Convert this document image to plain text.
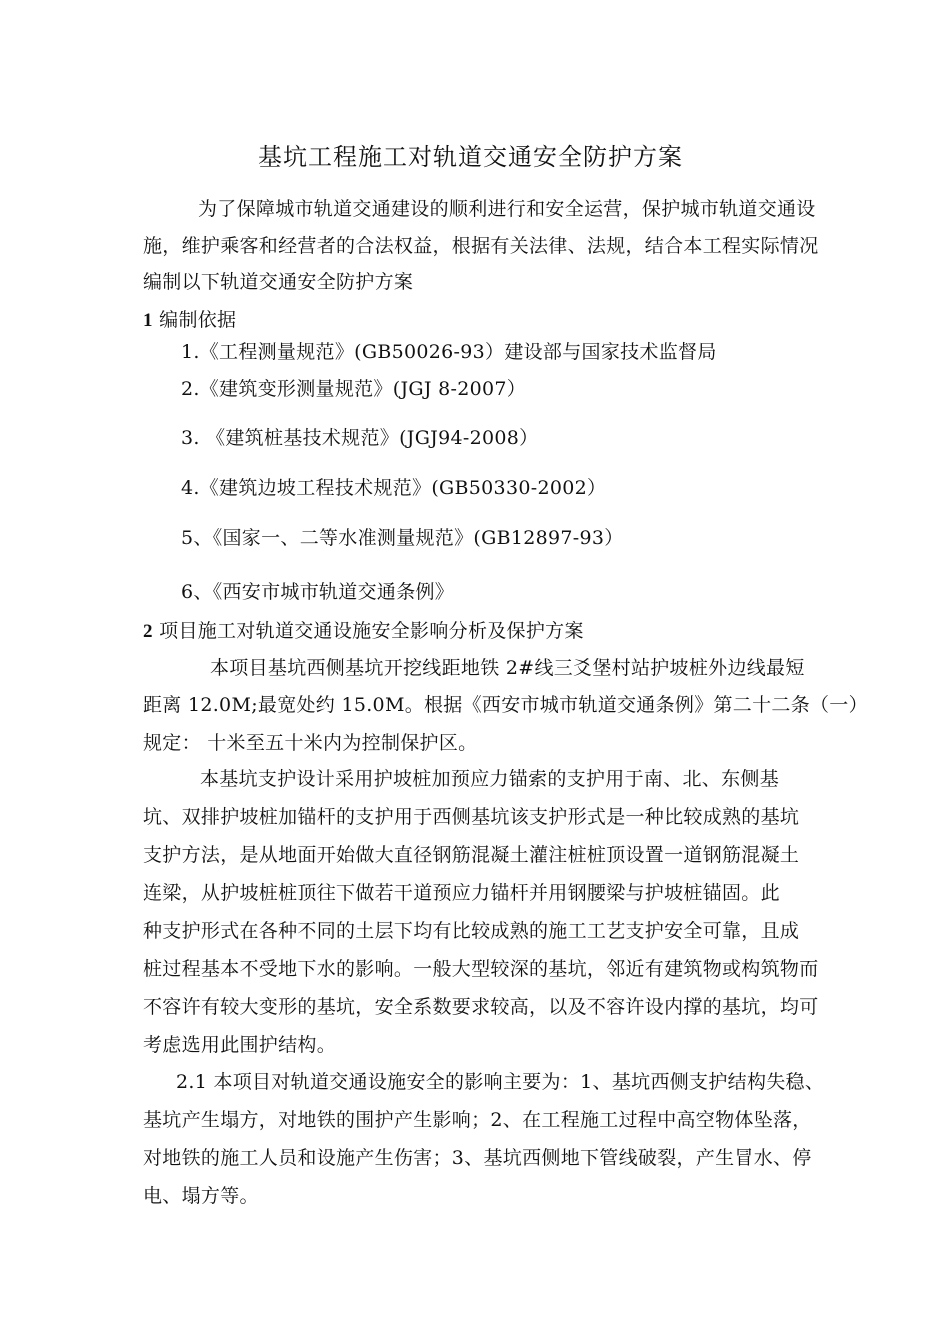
基坑工程施工对轨道交通安全防护方案
为了保障城市轨道交通建设的顺利进行和安全运营，保护城市轨道交通设
施，维护乘客和经营者的合法权益，根据有关法律、法规，结合本工程实际情况
编制以下轨道交通安全防护方案
1 编制依据
1.《工程测量规范》(GB50026-93）建设部与国家技术监督局
2.《建筑变形测量规范》(JGJ 8-2007）
3. 《建筑桩基技术规范》(JGJ94-2008）
4.《建筑边坡工程技术规范》(GB50330-2002）
5、《国家一、二等水准测量规范》(GB12897-93）
6、《西安市城市轨道交通条例》
2 项目施工对轨道交通设施安全影响分析及保护方案
本项目基坑西侧基坑开挖线距地铁 2#线三爻堡村站护坡桩外边线最短
距离 12.0M;最宽处约 15.0M。根据《西安市城市轨道交通条例》第二十二条（一）
规定： 十米至五十米内为控制保护区。
本基坑支护设计采用护坡桩加预应力锚索的支护用于南、北、东侧基
坑、双排护坡桩加锚杆的支护用于西侧基坑该支护形式是一种比较成熟的基坑
支护方法，是从地面开始做大直径钢筋混凝土灌注桩桩顶设置一道钢筋混凝土
连梁，从护坡桩桩顶往下做若干道预应力锚杆并用钢腰梁与护坡桩锚固。此
种支护形式在各种不同的土层下均有比较成熟的施工工艺支护安全可靠，且成
桩过程基本不受地下水的影响。一般大型较深的基坑，邻近有建筑物或构筑物而
不容许有较大变形的基坑，安全系数要求较高，以及不容许设内撑的基坑，均可
考虑选用此围护结构。
2.1 本项目对轨道交通设施安全的影响主要为：1、基坑西侧支护结构失稳、
基坑产生塌方，对地铁的围护产生影响；2、在工程施工过程中高空物体坠落，
对地铁的施工人员和设施产生伤害；3、基坑西侧地下管线破裂，产生冒水、停
电、塌方等。
